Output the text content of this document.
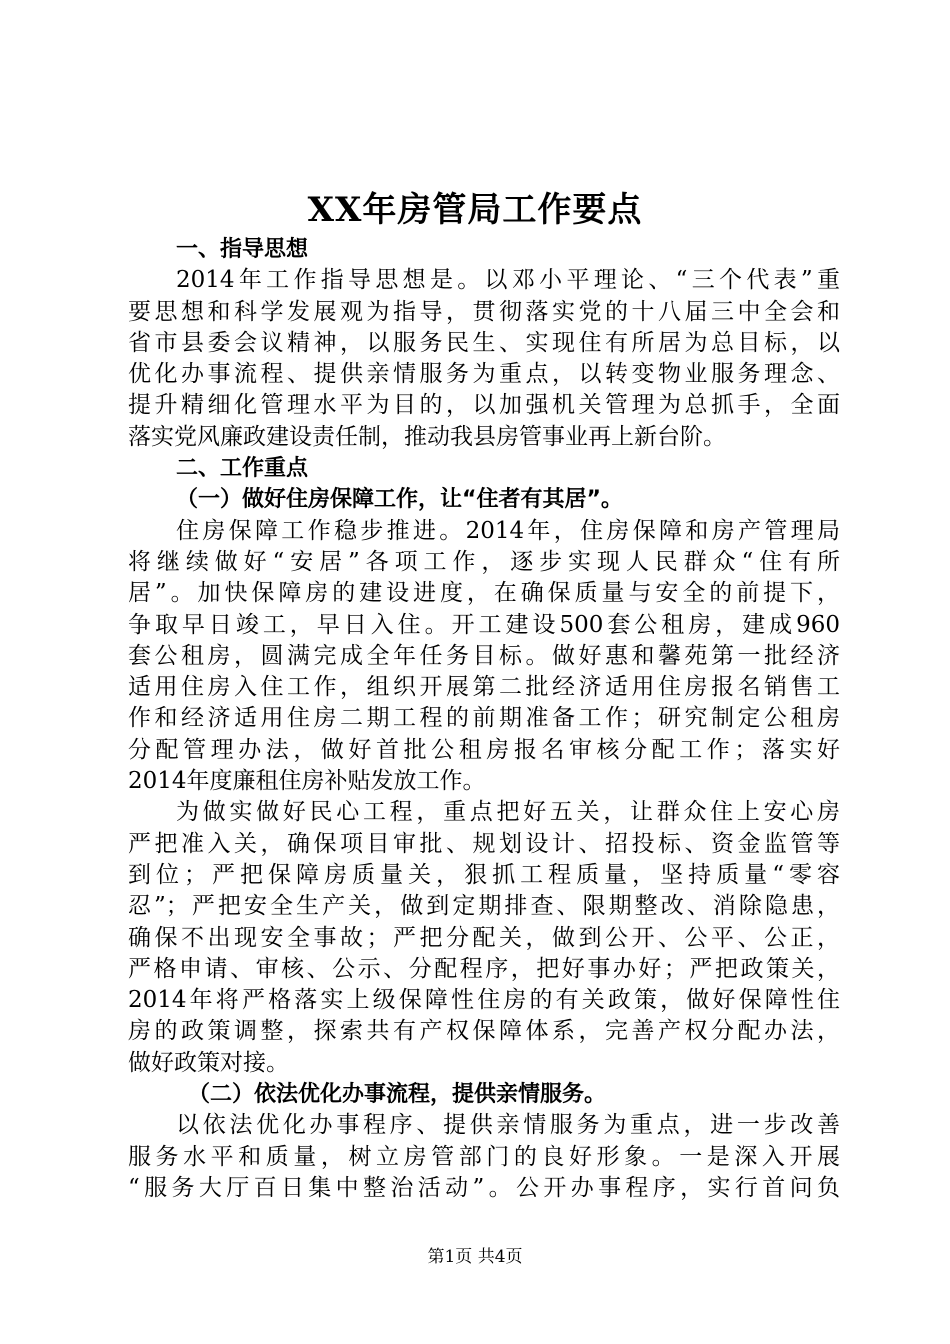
XX年房管局工作要点
一、指导思想
2014年工作指导思想是。以邓小平理论、“三个代表”重
要思想和科学发展观为指导，贯彻落实党的十八届三中全会和
省市县委会议精神，以服务民生、实现住有所居为总目标，以
优化办事流程、提供亲情服务为重点，以转变物业服务理念、
提升精细化管理水平为目的，以加强机关管理为总抓手，全面
落实党风廉政建设责任制，推动我县房管事业再上新台阶。
二、工作重点
（一）做好住房保障工作，让“住者有其居”。
住房保障工作稳步推进。2014年，住房保障和房产管理局
将继续做好“安居”各项工作，逐步实现人民群众“住有所
居”。加快保障房的建设进度，在确保质量与安全的前提下，
争取早日竣工，早日入住。开工建设500套公租房，建成960
套公租房，圆满完成全年任务目标。做好惠和馨苑第一批经济
适用住房入住工作，组织开展第二批经济适用住房报名销售工
作和经济适用住房二期工程的前期准备工作；研究制定公租房
分配管理办法，做好首批公租房报名审核分配工作；落实好
2014年度廉租住房补贴发放工作。
为做实做好民心工程，重点把好五关，让群众住上安心房
严把准入关，确保项目审批、规划设计、招投标、资金监管等
到位；严把保障房质量关，狠抓工程质量，坚持质量“零容
忍”；严把安全生产关，做到定期排查、限期整改、消除隐患，
确保不出现安全事故；严把分配关，做到公开、公平、公正，
严格申请、审核、公示、分配程序，把好事办好；严把政策关，
2014年将严格落实上级保障性住房的有关政策，做好保障性住
房的政策调整，探索共有产权保障体系，完善产权分配办法，
做好政策对接。
（二）依法优化办事流程，提供亲情服务。
以依法优化办事程序、提供亲情服务为重点，进一步改善
服务水平和质量，树立房管部门的良好形象。一是深入开展
“服务大厅百日集中整治活动”。公开办事程序，实行首问负
第1页 共4页
